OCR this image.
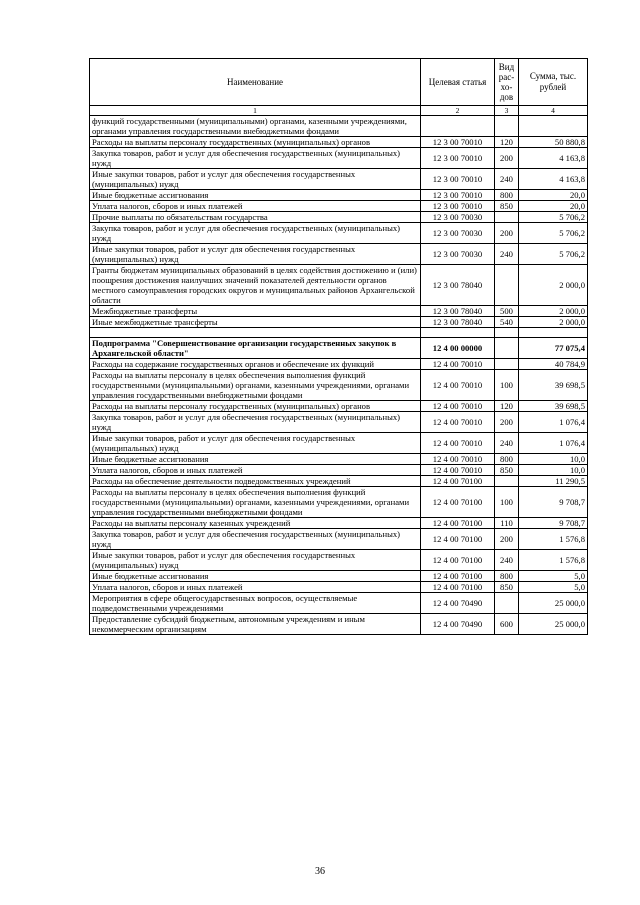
Наименование	Целевая статья	Вид рас-хо-дов	Сумма, тыс. рублей
1	2	3	4
функций государственными (муниципальными) органами, казенными учреждениями, органами управления государственными внебюджетными фондами			
Расходы на выплаты персоналу государственных (муниципальных) органов	12 3 00 70010	120	50 880,8
Закупка товаров, работ и услуг для обеспечения государственных (муниципальных) нужд	12 3 00 70010	200	4 163,8
Иные закупки товаров, работ и услуг для обеспечения государственных (муниципальных) нужд	12 3 00 70010	240	4 163,8
Иные бюджетные ассигнования	12 3 00 70010	800	20,0
Уплата налогов, сборов и иных платежей	12 3 00 70010	850	20,0
Прочие выплаты по обязательствам государства	12 3 00 70030		5 706,2
Закупка товаров, работ и услуг для обеспечения государственных (муниципальных) нужд	12 3 00 70030	200	5 706,2
Иные закупки товаров, работ и услуг для обеспечения государственных (муниципальных) нужд	12 3 00 70030	240	5 706,2
Гранты бюджетам муниципальных образований в целях содействия достижению и (или) поощрения достижения наилучших значений показателей деятельности органов местного самоуправления городских округов и муниципальных районов Архангельской области	12 3 00 78040		2 000,0
Межбюджетные трансферты	12 3 00 78040	500	2 000,0
Иные межбюджетные трансферты	12 3 00 78040	540	2 000,0

Подпрограмма "Совершенствование организации государственных закупок в Архангельской области"	12 4 00 00000		77 075,4
Расходы на содержание государственных органов и обеспечение их функций	12 4 00 70010		40 784,9
Расходы на выплаты персоналу в целях обеспечения выполнения функций государственными (муниципальными) органами, казенными учреждениями, органами управления государственными внебюджетными фондами	12 4 00 70010	100	39 698,5
Расходы на выплаты персоналу государственных (муниципальных) органов	12 4 00 70010	120	39 698,5
Закупка товаров, работ и услуг для обеспечения государственных (муниципальных) нужд	12 4 00 70010	200	1 076,4
Иные закупки товаров, работ и услуг для обеспечения государственных (муниципальных) нужд	12 4 00 70010	240	1 076,4
Иные бюджетные ассигнования	12 4 00 70010	800	10,0
Уплата налогов, сборов и иных платежей	12 4 00 70010	850	10,0
Расходы на обеспечение деятельности подведомственных учреждений	12 4 00 70100		11 290,5
Расходы на выплаты персоналу в целях обеспечения выполнения функций государственными (муниципальными) органами, казенными учреждениями, органами управления государственными внебюджетными фондами	12 4 00 70100	100	9 708,7
Расходы на выплаты персоналу казенных учреждений	12 4 00 70100	110	9 708,7
Закупка товаров, работ и услуг для обеспечения государственных (муниципальных) нужд	12 4 00 70100	200	1 576,8
Иные закупки товаров, работ и услуг для обеспечения государственных (муниципальных) нужд	12 4 00 70100	240	1 576,8
Иные бюджетные ассигнования	12 4 00 70100	800	5,0
Уплата налогов, сборов и иных платежей	12 4 00 70100	850	5,0
Мероприятия в сфере общегосударственных вопросов, осуществляемые подведомственными учреждениями	12 4 00 70490		25 000,0
Предоставление субсидий бюджетным, автономным учреждениям и иным некоммерческим организациям	12 4 00 70490	600	25 000,0
36
